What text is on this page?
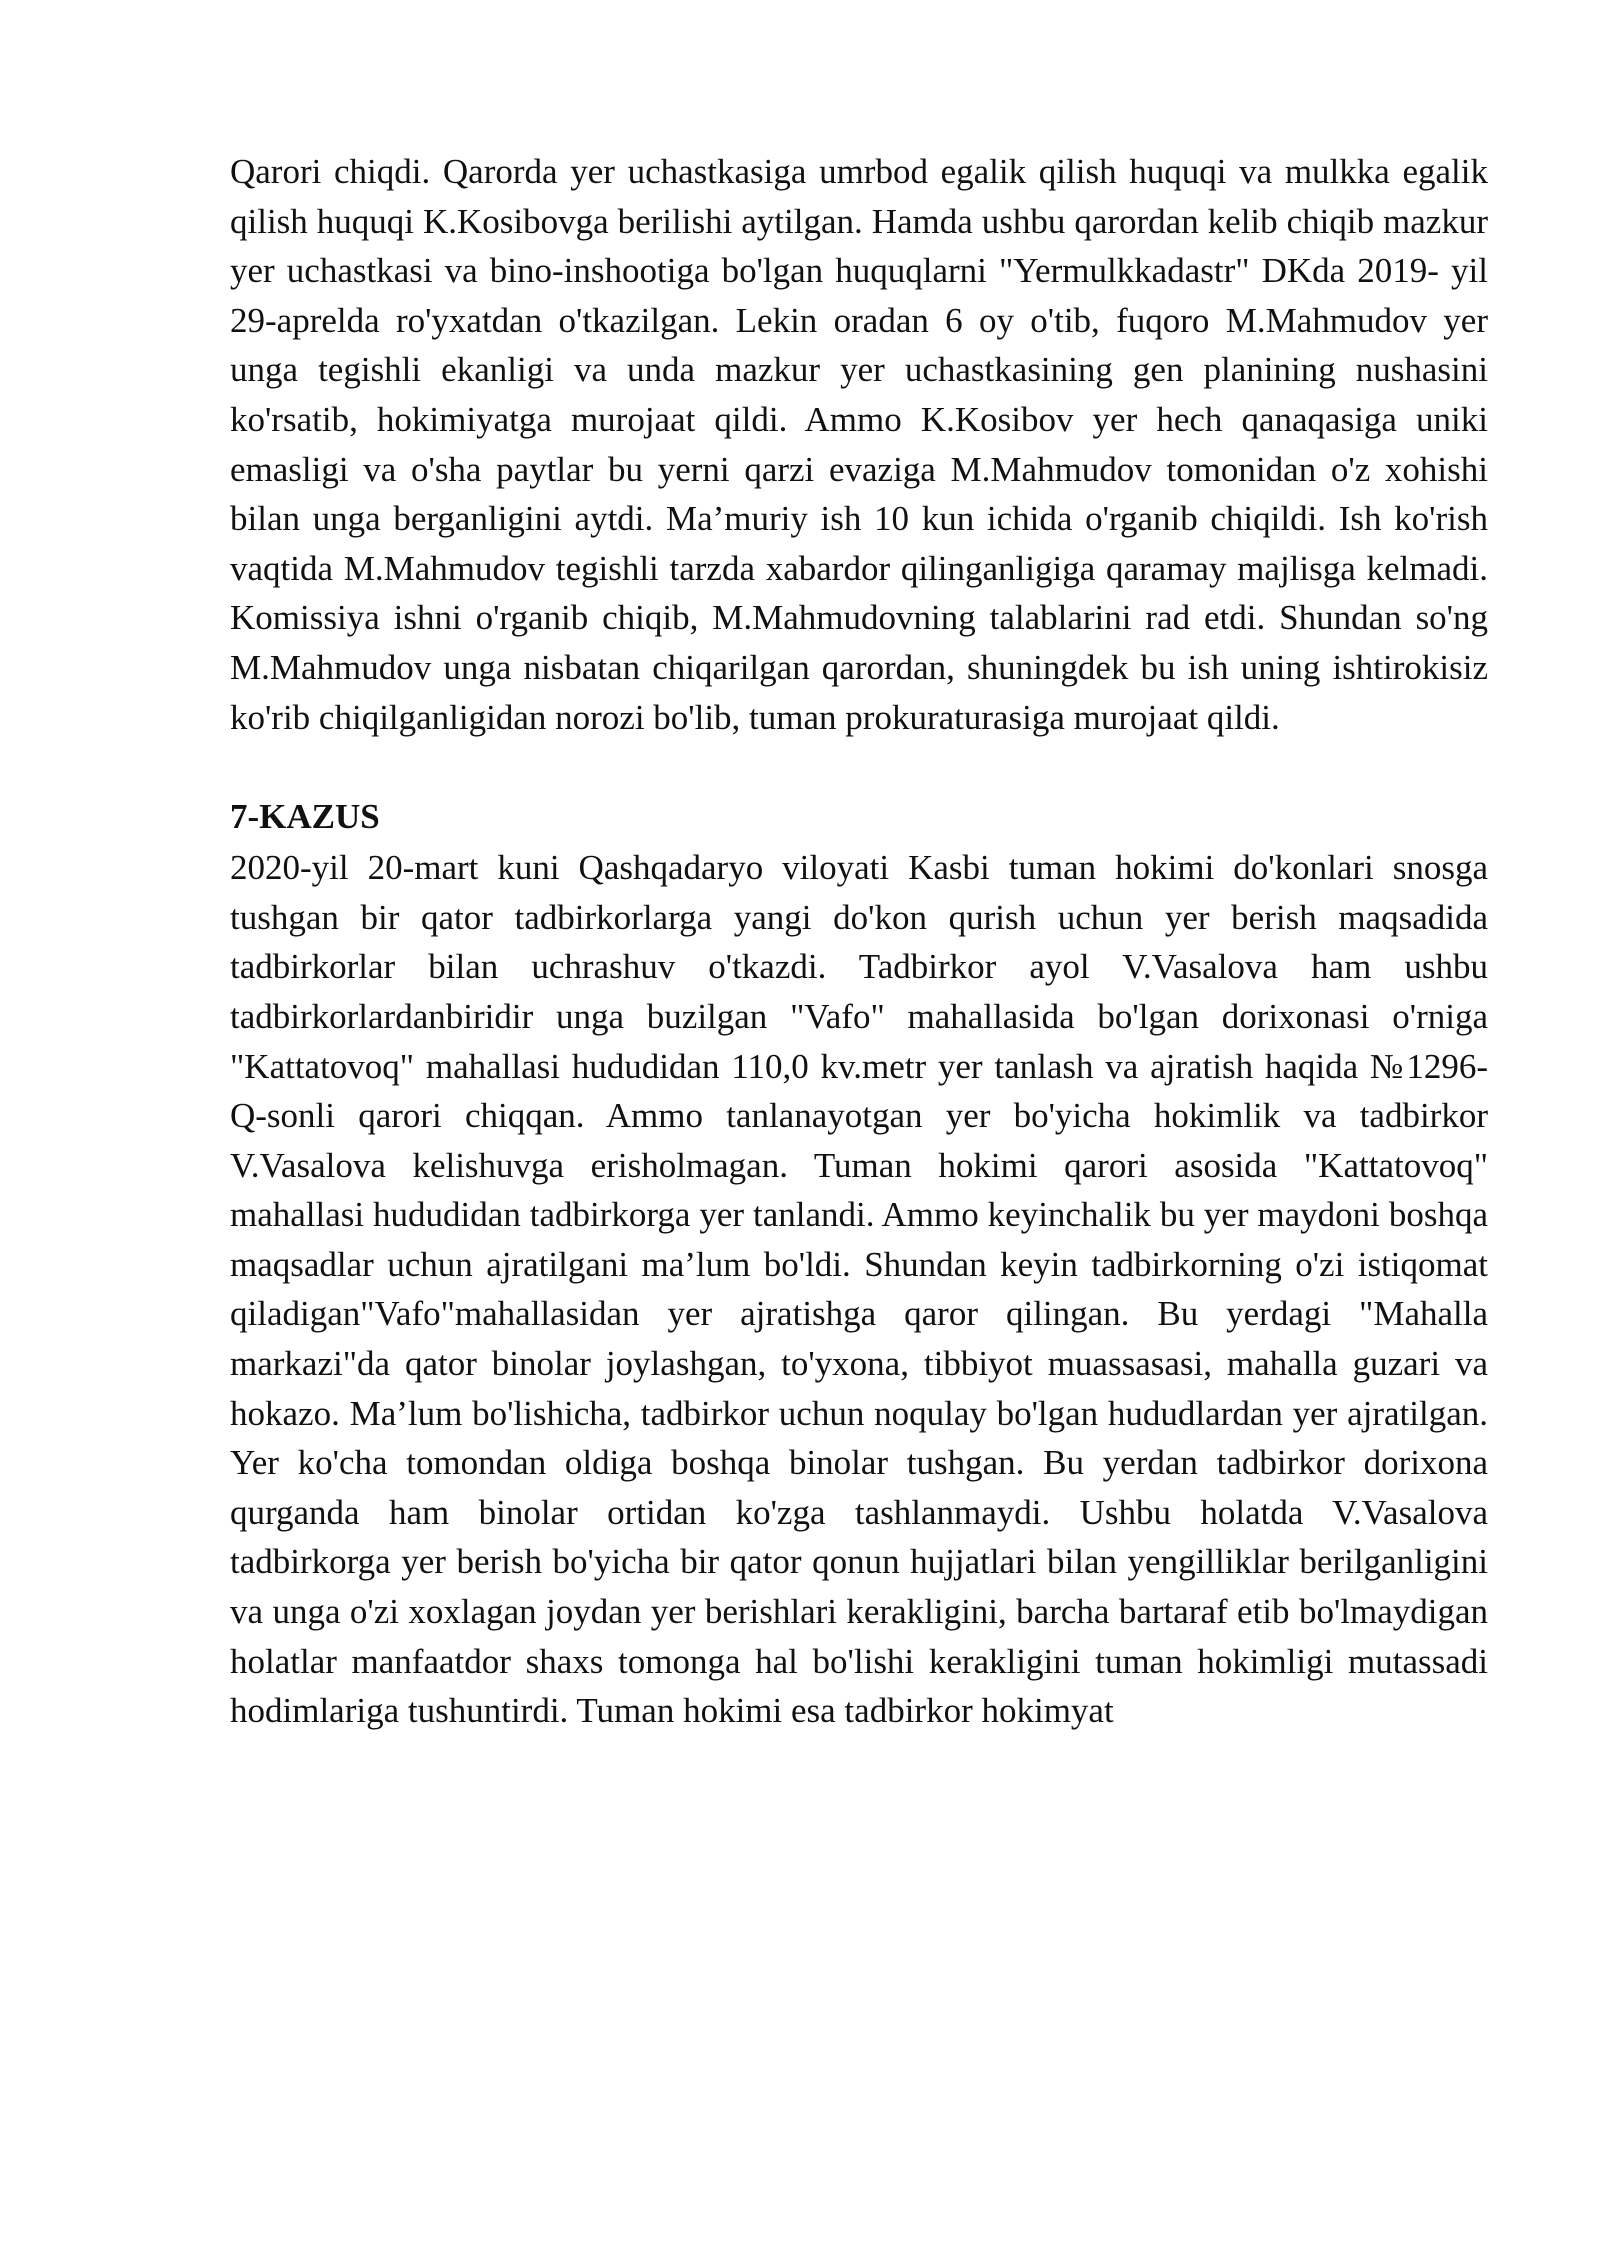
Qarori chiqdi. Qarorda yer uchastkasiga umrbod egalik qilish huquqi va mulkka egalik qilish huquqi K.Kosibovga berilishi aytilgan. Hamda ushbu qarordan kelib chiqib mazkur yer uchastkasi va bino-inshootiga bo'lgan huquqlarni "Yermulkkadastr" DKda 2019- yil 29-aprelda ro'yxatdan o'tkazilgan. Lekin oradan 6 oy o'tib, fuqoro M.Mahmudov yer unga tegishli ekanligi va unda mazkur yer uchastkasining gen planining nushasini ko'rsatib, hokimiyatga murojaat qildi. Ammo K.Kosibov yer hech qanaqasiga uniki emasligi va o'sha paytlar bu yerni qarzi evaziga M.Mahmudov tomonidan o'z xohishi bilan unga berganligini aytdi. Ma’muriy ish 10 kun ichida o'rganib chiqildi. Ish ko'rish vaqtida M.Mahmudov tegishli tarzda xabardor qilinganligiga qaramay majlisga kelmadi. Komissiya ishni o'rganib chiqib, M.Mahmudovning talablarini rad etdi. Shundan so'ng M.Mahmudov unga nisbatan chiqarilgan qarordan, shuningdek bu ish uning ishtirokisiz ko'rib chiqilganligidan norozi bo'lib, tuman prokuraturasiga murojaat qildi.

7-KAZUS

2020-yil 20-mart kuni Qashqadaryo viloyati Kasbi tuman hokimi do'konlari snosga tushgan bir qator tadbirkorlarga yangi do'kon qurish uchun yer berish maqsadida tadbirkorlar bilan uchrashuv o'tkazdi. Tadbirkor ayol V.Vasalova ham ushbu tadbirkorlardanbiridir unga buzilgan "Vafo" mahallasida bo'lgan dorixonasi o'rniga "Kattatovoq" mahallasi hududidan 110,0 kv.metr yer tanlash va ajratish haqida №1296-Q-sonli qarori chiqqan. Ammo tanlanayotgan yer bo'yicha hokimlik va tadbirkor V.Vasalova kelishuvga erisholmagan. Tuman hokimi qarori asosida "Kattatovoq" mahallasi hududidan tadbirkorga yer tanlandi. Ammo keyinchalik bu yer maydoni boshqa maqsadlar uchun ajratilgani ma’lum bo'ldi. Shundan keyin tadbirkorning o'zi istiqomat qiladigan"Vafo"mahallasidan yer ajratishga qaror qilingan. Bu yerdagi "Mahalla markazi"da qator binolar joylashgan, to'yxona, tibbiyot muassasasi, mahalla guzari va hokazo. Ma’lum bo'lishicha, tadbirkor uchun noqulay bo'lgan hududlardan yer ajratilgan. Yer ko'cha tomondan oldiga boshqa binolar tushgan. Bu yerdan tadbirkor dorixona qurganda ham binolar ortidan ko'zga tashlanmaydi. Ushbu holatda V.Vasalova tadbirkorga yer berish bo'yicha bir qator qonun hujjatlari bilan yengilliklar berilganligini va unga o'zi xoxlagan joydan yer berishlari kerakligini, barcha bartaraf etib bo'lmaydigan holatlar manfaatdor shaxs tomonga hal bo'lishi kerakligini tuman hokimligi mutassadi hodimlariga tushuntirdi. Tuman hokimi esa tadbirkor hokimyat
